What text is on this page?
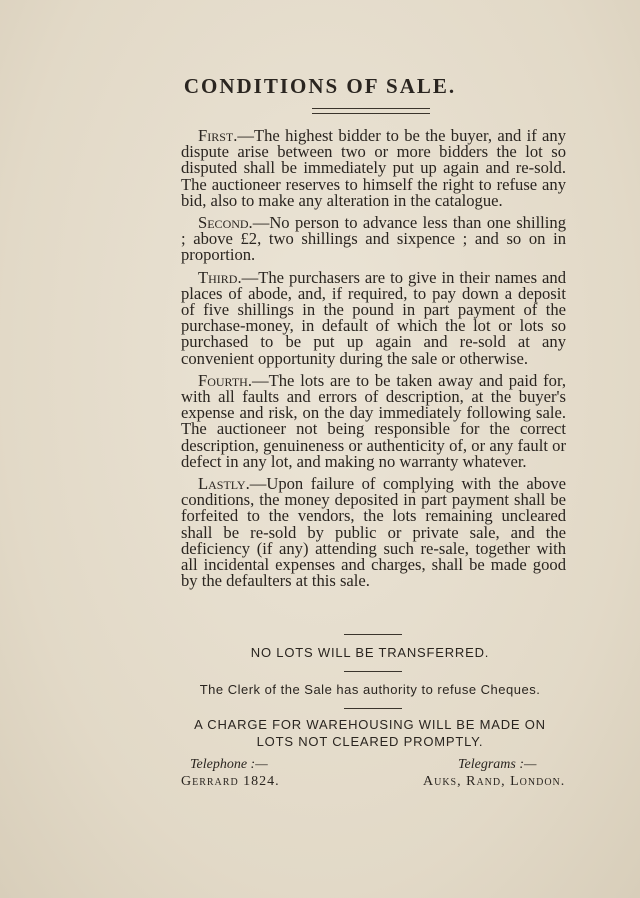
CONDITIONS OF SALE.

First.—The highest bidder to be the buyer, and if any dispute arise between two or more bidders the lot so disputed shall be immediately put up again and re-sold. The auctioneer reserves to himself the right to refuse any bid, also to make any alteration in the catalogue.

Second.—No person to advance less than one shilling ; above £2, two shillings and sixpence ; and so on in proportion.

Third.—The purchasers are to give in their names and places of abode, and, if required, to pay down a deposit of five shillings in the pound in part payment of the purchase-money, in default of which the lot or lots so purchased to be put up again and re-sold at any convenient opportunity during the sale or otherwise.

Fourth.—The lots are to be taken away and paid for, with all faults and errors of description, at the buyer's expense and risk, on the day immediately following sale. The auctioneer not being responsible for the correct description, genuineness or authenticity of, or any fault or defect in any lot, and making no warranty whatever.

Lastly.—Upon failure of complying with the above conditions, the money deposited in part payment shall be forfeited to the vendors, the lots remaining uncleared shall be re-sold by public or private sale, and the deficiency (if any) attending such re-sale, together with all incidental expenses and charges, shall be made good by the defaulters at this sale.

NO LOTS WILL BE TRANSFERRED.
The Clerk of the Sale has authority to refuse Cheques.
A CHARGE FOR WAREHOUSING WILL BE MADE ON
LOTS NOT CLEARED PROMPTLY.
Telephone :—
Gerrard 1824.
Telegrams :—
Auks, Rand, London.
